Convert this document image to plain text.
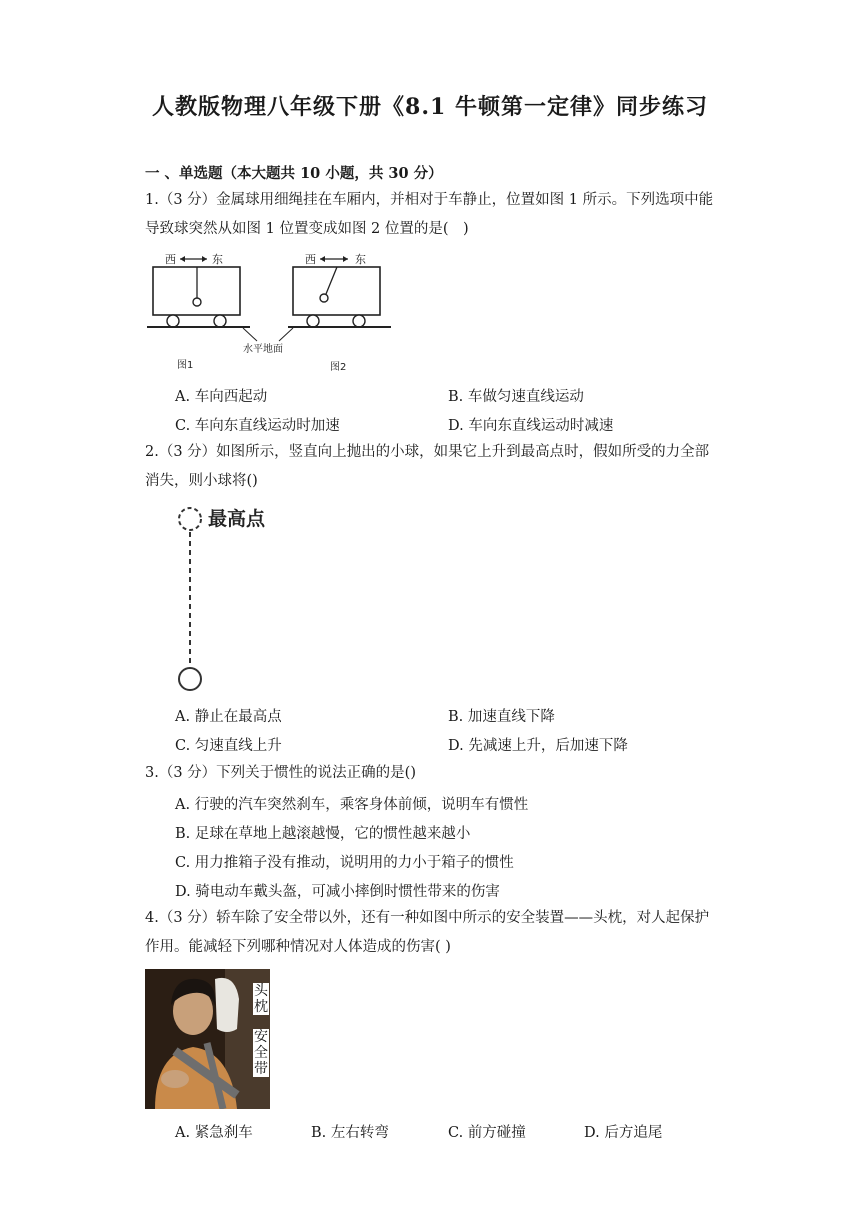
人教版物理八年级下册《8.1 牛顿第一定律》同步练习
一 、单选题（本大题共 10 小题，共 30 分）
1.（3 分）金属球用细绳挂在车厢内，并相对于车静止，位置如图 1 所示。下列选项中能导致球突然从如图 1 位置变成如图 2 位置的是(　)
西	东
图1
西	东
图2
水平地面
A. 车向西起动	B. 车做匀速直线运动
C. 车向东直线运动时加速	D. 车向东直线运动时减速
2.（3 分）如图所示，竖直向上抛出的小球，如果它上升到最高点时，假如所受的力全部消失，则小球将()
最高点
A. 静止在最高点	B. 加速直线下降
C. 匀速直线上升	D. 先减速上升，后加速下降
3.（3 分）下列关于惯性的说法正确的是()
A. 行驶的汽车突然刹车，乘客身体前倾，说明车有惯性
B. 足球在草地上越滚越慢，它的惯性越来越小
C. 用力推箱子没有推动，说明用的力小于箱子的惯性
D. 骑电动车戴头盔，可减小摔倒时惯性带来的伤害
4.（3 分）轿车除了安全带以外，还有一种如图中所示的安全装置——头枕，对人起保护作用。能减轻下列哪种情况对人体造成的伤害( )
头枕
安全带
A. 紧急刹车	B. 左右转弯	C. 前方碰撞	D. 后方追尾
